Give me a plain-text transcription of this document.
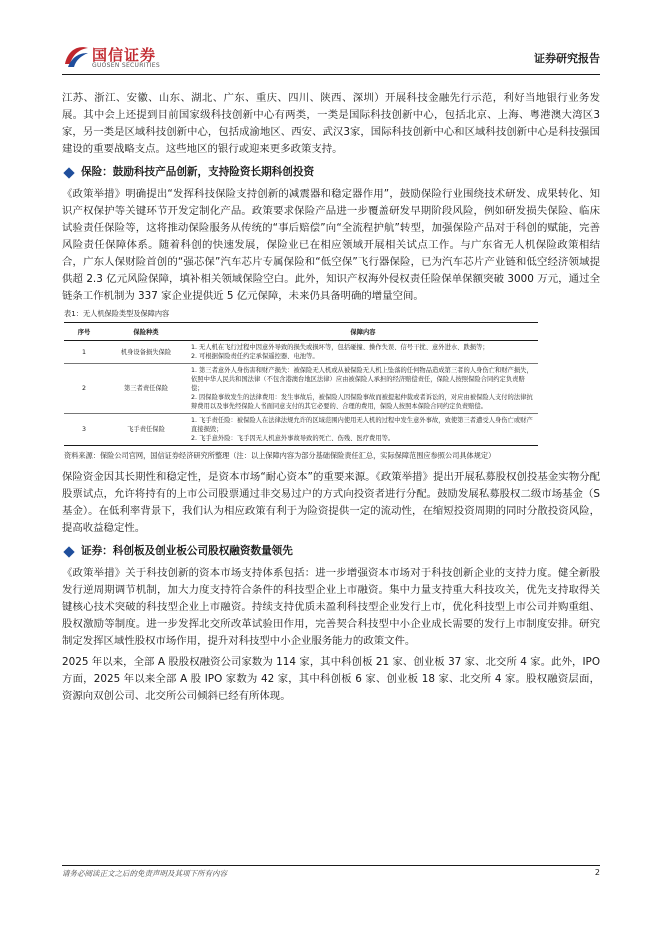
国信证券
GUOSEN SECURITIES
证券研究报告

江苏、浙江、安徽、山东、湖北、广东、重庆、四川、陕西、深圳）开展科技金融先行示范，利好当地银行业务发展。其中会上还提到目前国家级科技创新中心有两类，一类是国际科技创新中心，包括北京、上海、粤港澳大湾区3家，另一类是区域科技创新中心，包括成渝地区、西安、武汉3家，国际科技创新中心和区域科技创新中心是科技强国建设的重要战略支点。这些地区的银行或迎来更多政策支持。

保险：鼓励科技产品创新，支持险资长期科创投资

《政策举措》明确提出“发挥科技保险支持创新的减震器和稳定器作用”，鼓励保险行业围绕技术研发、成果转化、知识产权保护等关键环节开发定制化产品。政策要求保险产品进一步覆盖研发早期阶段风险，例如研发损失保险、临床试验责任保险等，这将推动保险服务从传统的“事后赔偿”向“全流程护航”转型，加强保险产品对于科创的赋能，完善风险责任保障体系。随着科创的快速发展，保险业已在相应领域开展相关试点工作。与广东省无人机保险政策相结合，广东人保财险首创的“强芯保”汽车芯片专属保险和“低空保”飞行器保险，已为汽车芯片产业链和低空经济领域提供超 2.3 亿元风险保障，填补相关领域保险空白。此外，知识产权海外侵权责任险保单保额突破 3000 万元，通过全链条工作机制为 337 家企业提供近 5 亿元保障，未来仍具备明确的增量空间。

表1：无人机保险类型及保障内容
序号	保险种类	保障内容
1	机身设备损失保险	1. 无人机在飞行过程中因意外导致的损失或损坏等，包括碰撞、操作失误、信号干扰、意外进水、跌损等；
2. 可根据保险责任约定承保遥控器、电池等。
2	第三者责任保险	1. 第三者意外人身伤害和财产损失：被保险无人机或从被保险无人机上坠落的任何物品造成第三者的人身伤亡和财产损失，依照中华人民共和国法律（不包含港澳台地区法律）应由被保险人承担的经济赔偿责任，保险人按照保险合同约定负责赔偿；
2. 因保险事故发生的法律费用：发生事故后，被保险人因保险事故而被提起仲裁或者诉讼的，对应由被保险人支付的法律抗辩费用以及事先经保险人书面同意支付的其它必要的、合理的费用，保险人按照本保险合同约定负责赔偿。
3	飞手责任保险	1. 飞手责任险：被保险人在法律法规允许的区域范围内使用无人机的过程中发生意外事故，致使第三者遭受人身伤亡或财产直接损毁；
2. 飞手意外险：飞手因无人机意外事故导致的死亡、伤残、医疗费用等。
资料来源：保险公司官网，国信证券经济研究所整理（注：以上保障内容为部分基础保险责任汇总，实际保障范围应参照公司具体规定）

保险资金因其长期性和稳定性，是资本市场“耐心资本”的重要来源。《政策举措》提出开展私募股权创投基金实物分配股票试点，允许将持有的上市公司股票通过非交易过户的方式向投资者进行分配。鼓励发展私募股权二级市场基金（S 基金）。在低利率背景下，我们认为相应政策有利于为险资提供一定的流动性，在缩短投资周期的同时分散投资风险，提高收益稳定性。

证券：科创板及创业板公司股权融资数量领先

《政策举措》关于科技创新的资本市场支持体系包括：进一步增强资本市场对于科技创新企业的支持力度。健全新股发行逆周期调节机制，加大力度支持符合条件的科技型企业上市融资。集中力量支持重大科技攻关，优先支持取得关键核心技术突破的科技型企业上市融资。持续支持优质未盈利科技型企业发行上市，优化科技型上市公司并购重组、股权激励等制度。进一步发挥北交所改革试验田作用，完善契合科技型中小企业成长需要的发行上市制度安排。研究制定发挥区域性股权市场作用，提升对科技型中小企业服务能力的政策文件。

2025 年以来，全部 A 股股权融资公司家数为 114 家，其中科创板 21 家、创业板 37 家、北交所 4 家。此外，IPO 方面，2025 年以来全部 A 股 IPO 家数为 42 家，其中科创板 6 家、创业板 18 家、北交所 4 家。股权融资层面，资源向双创公司、北交所公司倾斜已经有所体现。

请务必阅读正文之后的免责声明及其项下所有内容	2
